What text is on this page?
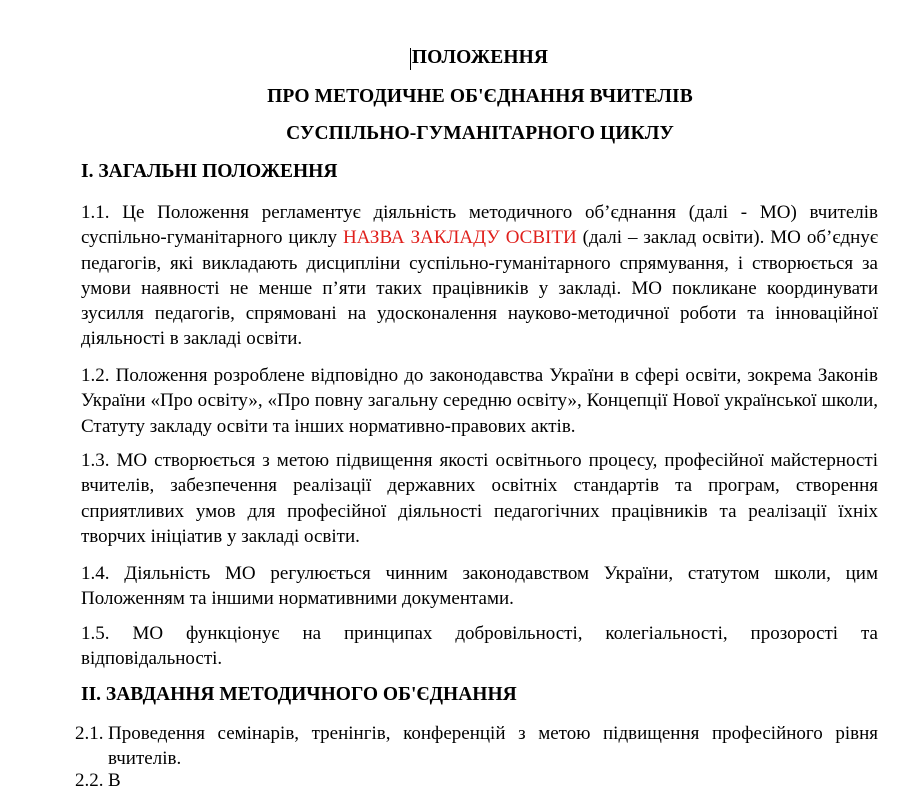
ПОЛОЖЕННЯ
ПРО МЕТОДИЧНЕ ОБ'ЄДНАННЯ ВЧИТЕЛІВ
СУСПІЛЬНО-ГУМАНІТАРНОГО ЦИКЛУ
І. ЗАГАЛЬНІ ПОЛОЖЕННЯ
1.1. Це Положення регламентує діяльність методичного об’єднання (далі - МО) вчителів суспільно-гуманітарного циклу НАЗВА ЗАКЛАДУ ОСВІТИ (далі – заклад освіти). МО об’єднує педагогів, які викладають дисципліни суспільно-гуманітарного спрямування, і створюється за умови наявності не менше п’яти таких працівників у закладі. МО покликане координувати зусилля педагогів, спрямовані на удосконалення науково-методичної роботи та інноваційної діяльності в закладі освіти.
1.2. Положення розроблене відповідно до законодавства України в сфері освіти, зокрема Законів України «Про освіту», «Про повну загальну середню освіту», Концепції Нової української школи, Статуту закладу освіти та інших нормативно-правових актів.
1.3. МО створюється з метою підвищення якості освітнього процесу, професійної майстерності вчителів, забезпечення реалізації державних освітніх стандартів та програм, створення сприятливих умов для професійної діяльності педагогічних працівників та реалізації їхніх творчих ініціатив у закладі освіти.
1.4. Діяльність МО регулюється чинним законодавством України, статутом школи, цим Положенням та іншими нормативними документами.
1.5. МО функціонує на принципах добровільності, колегіальності, прозорості та відповідальності.
ІІ. ЗАВДАННЯ МЕТОДИЧНОГО ОБ'ЄДНАННЯ
2.1. Проведення семінарів, тренінгів, конференцій з метою підвищення професійного рівня вчителів.
2.2. В
